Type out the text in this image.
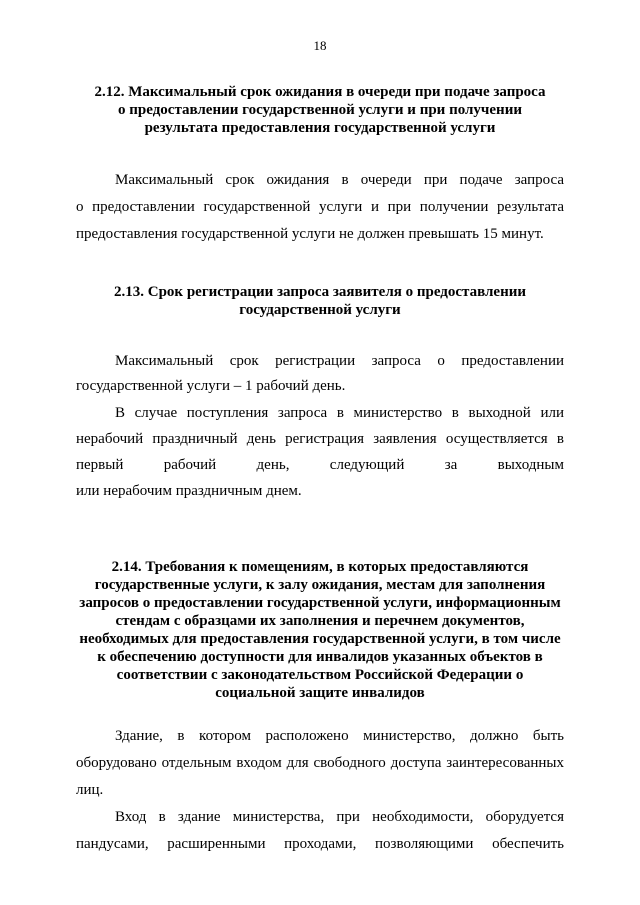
18
2.12. Максимальный срок ожидания в очереди при подаче запроса
о предоставлении государственной услуги и при получении
результата предоставления государственной услуги
Максимальный срок ожидания в очереди при подаче запроса
о предоставлении государственной услуги и при получении результата
предоставления государственной услуги не должен превышать 15 минут.
2.13. Срок регистрации запроса заявителя о предоставлении
государственной услуги
Максимальный срок регистрации запроса о предоставлении
государственной услуги – 1 рабочий день.
В случае поступления запроса в министерство в выходной или
нерабочий праздничный день регистрация заявления осуществляется в
первый рабочий день, следующий за выходным
или нерабочим праздничным днем.
2.14. Требования к помещениям, в которых предоставляются
государственные услуги, к залу ожидания, местам для заполнения
запросов о предоставлении государственной услуги, информационным
стендам с образцами их заполнения и перечнем документов,
необходимых для предоставления государственной услуги, в том числе
к обеспечению доступности для инвалидов указанных объектов в
соответствии с законодательством Российской Федерации о
социальной защите инвалидов
Здание, в котором расположено министерство, должно быть
оборудовано отдельным входом для свободного доступа заинтересованных
лиц.
Вход в здание министерства, при необходимости, оборудуется
пандусами, расширенными проходами, позволяющими обеспечить
